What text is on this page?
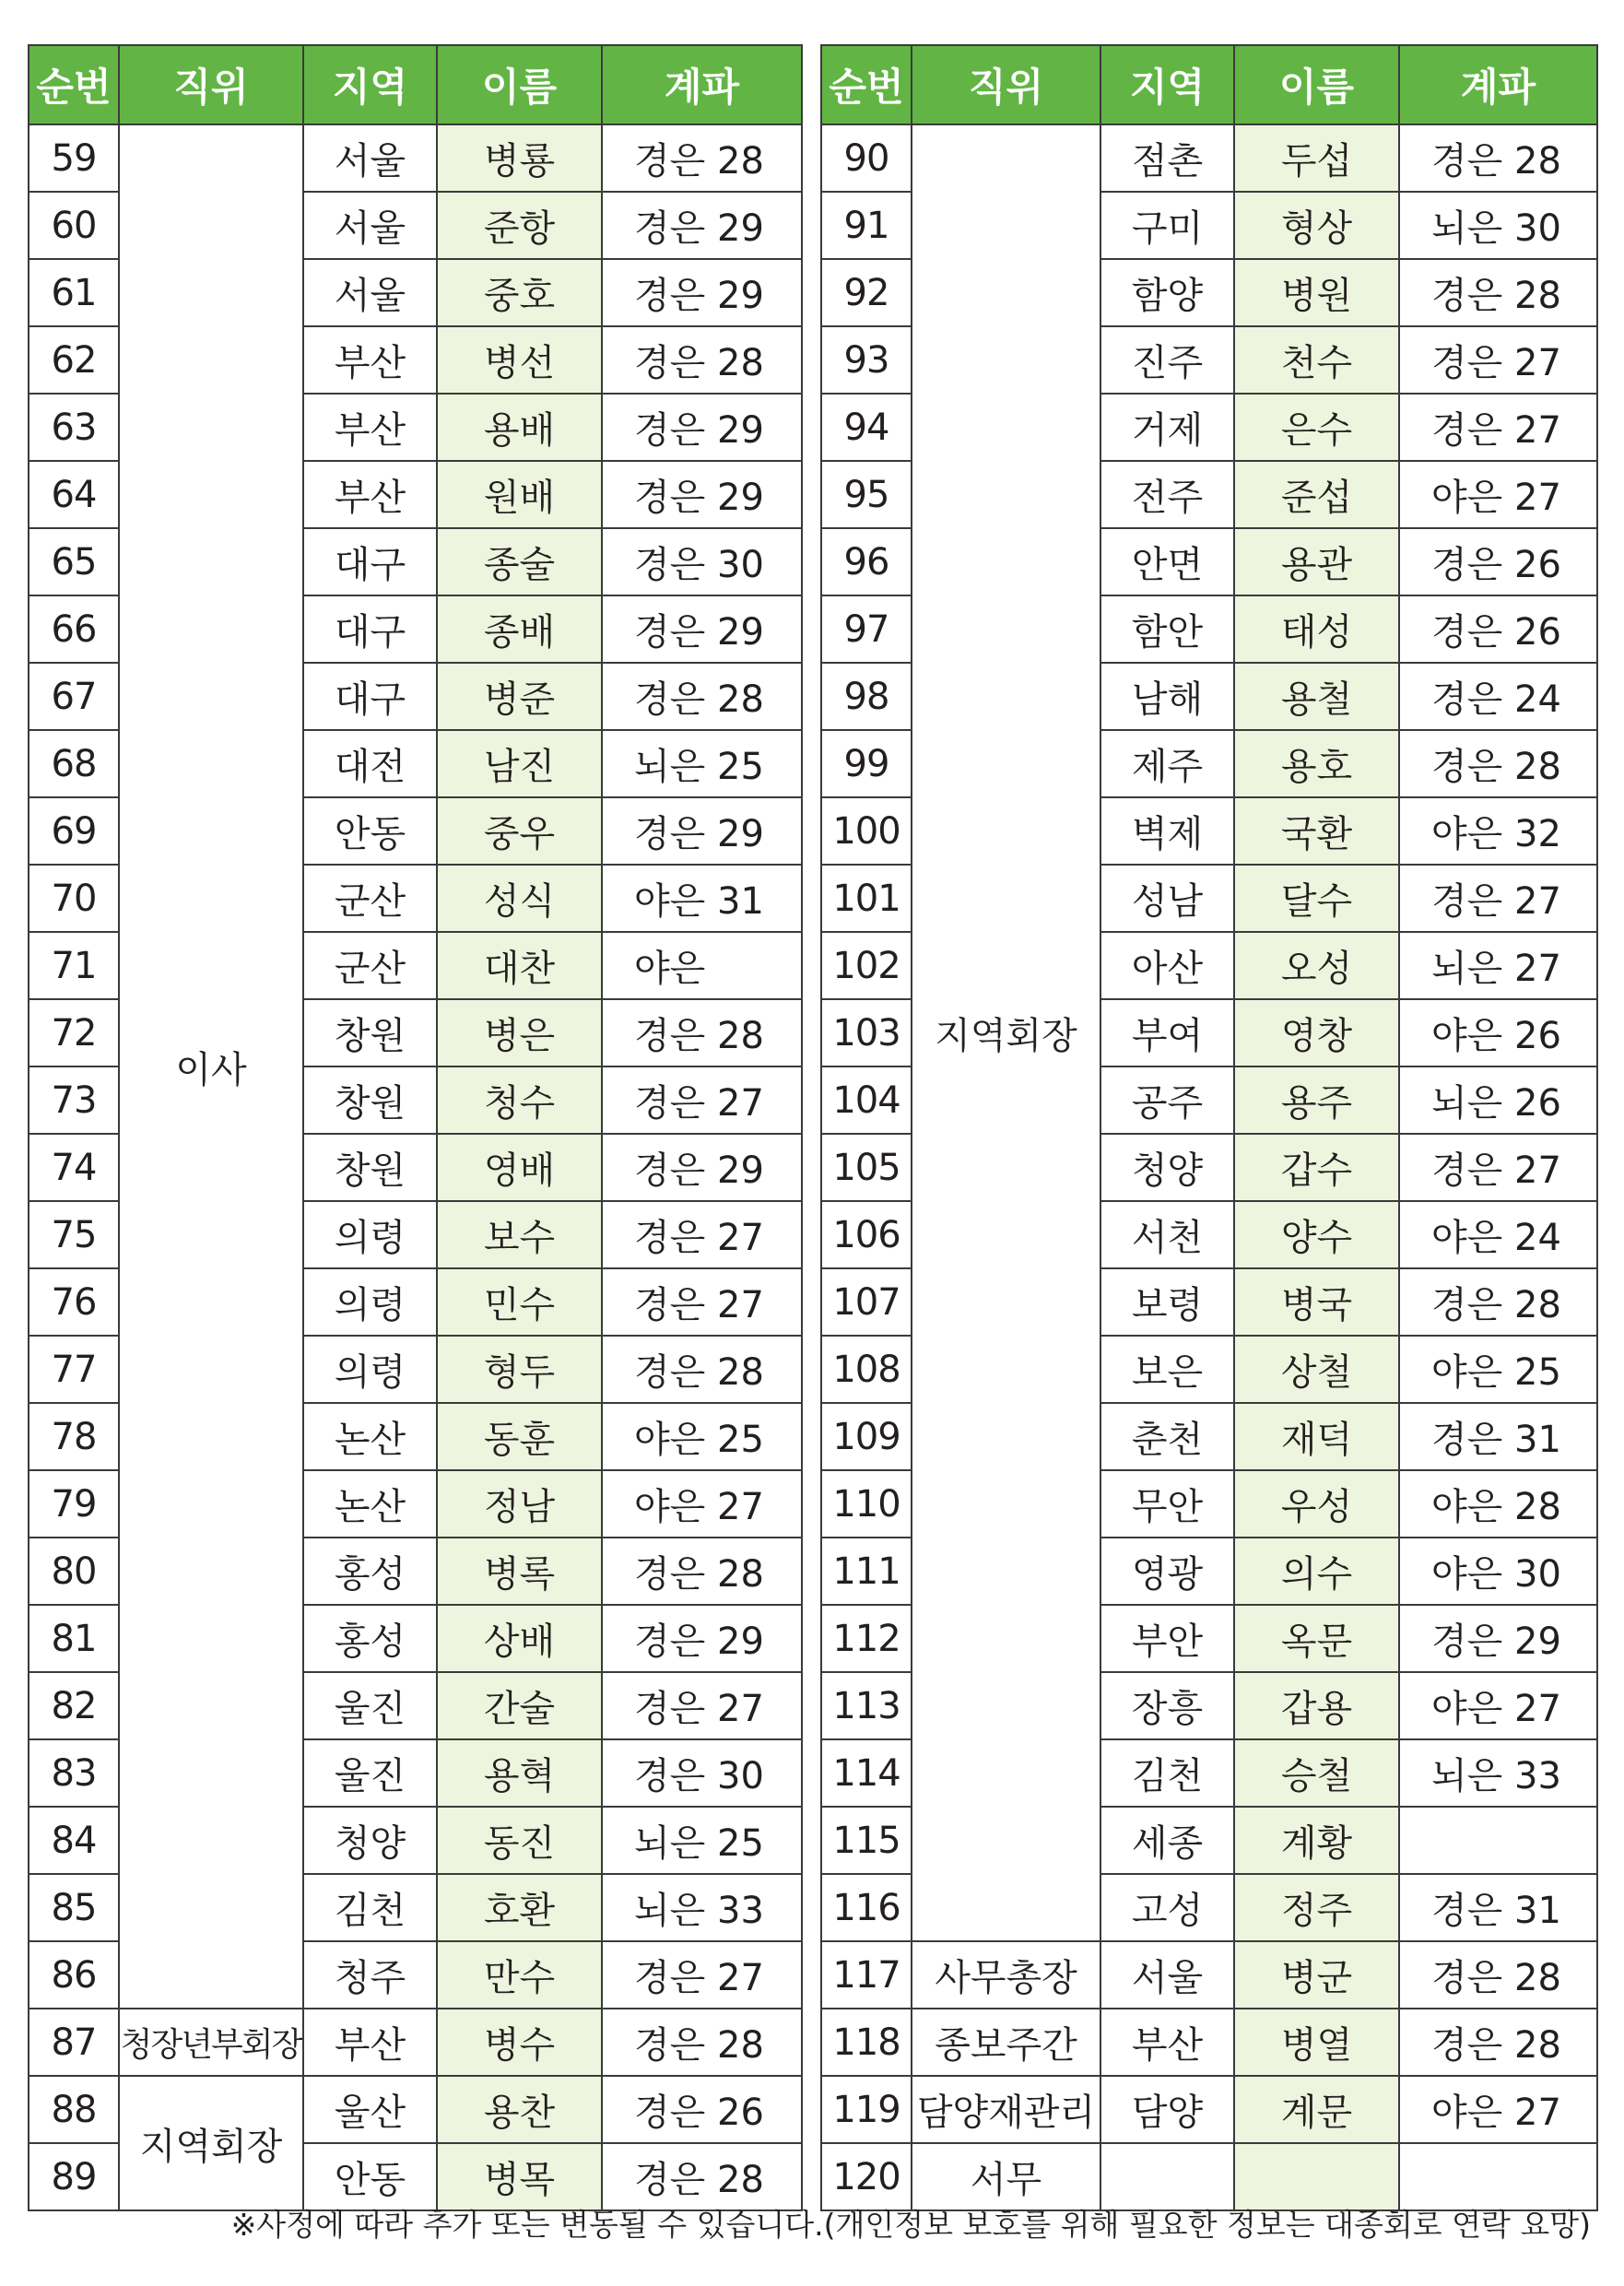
순번	직위	지역	이름	계파
59	이사	서울	병룡	경은 28
60		서울	준항	경은 29
61		서울	중호	경은 29
62		부산	병선	경은 28
63		부산	용배	경은 29
64		부산	원배	경은 29
65		대구	종술	경은 30
66		대구	종배	경은 29
67		대구	병준	경은 28
68		대전	남진	뇌은 25
69		안동	중우	경은 29
70		군산	성식	야은 31
71		군산	대찬	야은
72		창원	병은	경은 28
73		창원	청수	경은 27
74		창원	영배	경은 29
75		의령	보수	경은 27
76		의령	민수	경은 27
77		의령	형두	경은 28
78		논산	동훈	야은 25
79		논산	정남	야은 27
80		홍성	병록	경은 28
81		홍성	상배	경은 29
82		울진	간술	경은 27
83		울진	용혁	경은 30
84		청양	동진	뇌은 25
85		김천	호환	뇌은 33
86		청주	만수	경은 27
87	청장년부회장	부산	병수	경은 28
88	지역회장	울산	용찬	경은 26
89		안동	병목	경은 28
순번	직위	지역	이름	계파
90	지역회장	점촌	두섭	경은 28
91		구미	형상	뇌은 30
92		함양	병원	경은 28
93		진주	천수	경은 27
94		거제	은수	경은 27
95		전주	준섭	야은 27
96		안면	용관	경은 26
97		함안	태성	경은 26
98		남해	용철	경은 24
99		제주	용호	경은 28
100		벽제	국환	야은 32
101		성남	달수	경은 27
102		아산	오성	뇌은 27
103		부여	영창	야은 26
104		공주	용주	뇌은 26
105		청양	갑수	경은 27
106		서천	양수	야은 24
107		보령	병국	경은 28
108		보은	상철	야은 25
109		춘천	재덕	경은 31
110		무안	우성	야은 28
111		영광	의수	야은 30
112		부안	옥문	경은 29
113		장흥	갑용	야은 27
114		김천	승철	뇌은 33
115		세종	계황	
116		고성	정주	경은 31
117	사무총장	서울	병군	경은 28
118	종보주간	부산	병열	경은 28
119	담양재관리	담양	계문	야은 27
120	서무			
※사정에 따라 추가 또는 변동될 수 있습니다.(개인정보 보호를 위해 필요한 정보는 대종회로 연락 요망)
